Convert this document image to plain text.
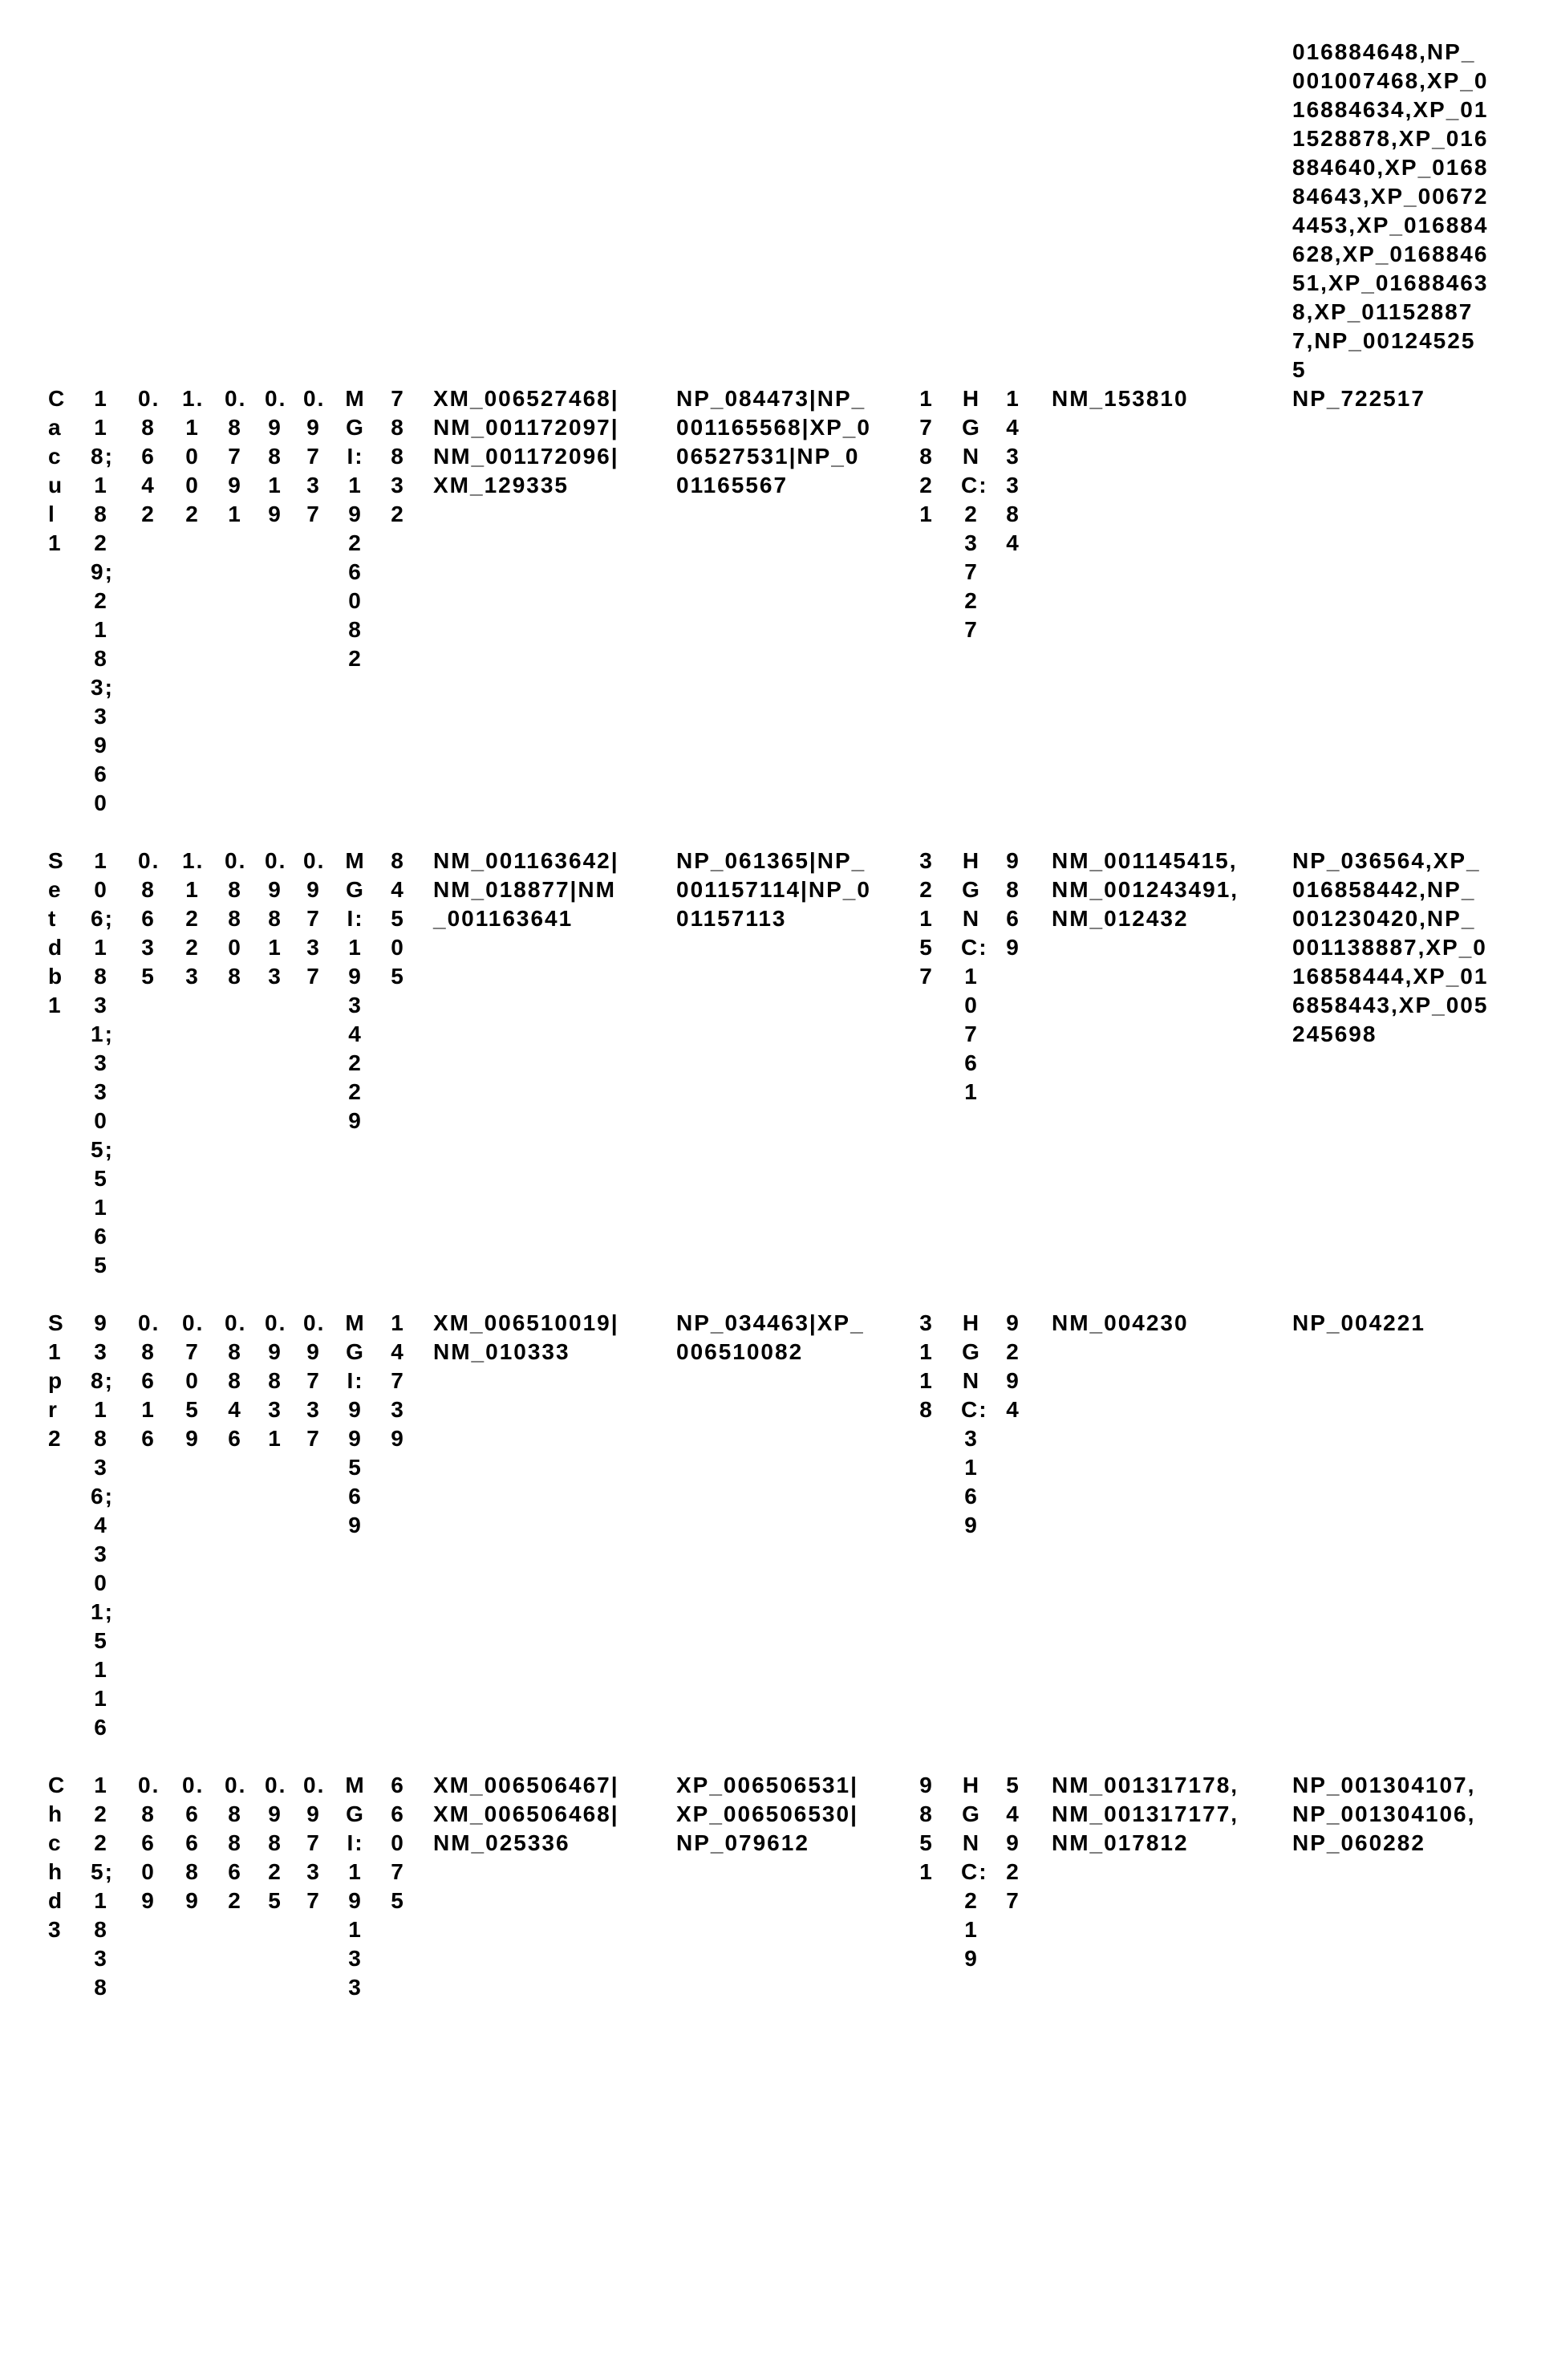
016884648,NP_001007468,XP_016884634,XP_011528878,XP_016884640,XP_016884643,XP_006724453,XP_016884628,XP_016884651,XP_016884638,XP_011528877,NP_001245255
Cacul1
118;1829;2183;3960
0.8642
1.1002
0.8791
0.9819
0.9737
MGI:1926082
78832
XM_006527468|NM_001172097|NM_001172096|XM_129335
NP_084473|NP_001165568|XP_006527531|NP_001165567
17821
HGNC:23727
143384
NM_153810	NP_722517
Setdb1
106;1831;3305;5165
0.8635
1.1223
0.8808
0.9813
0.9737
MGI:1934229
84505
NM_001163642|NM_018877|NM_001163641
NP_061365|NP_001157114|NP_001157113
32157
HGNC:10761
9869
NM_001145415,NM_001243491,NM_012432
NP_036564,XP_016858442,NP_001230420,NP_001138887,XP_016858444,XP_016858443,XP_005245698
S1pr2
938;1836;4301;5116
0.8616
0.7059
0.8846
0.9831
0.9737
MGI:99569
14739
XM_006510019|NM_010333
NP_034463|XP_006510082
3118
HGNC:3169
9294
NM_004230	NP_004221
Chchd3
1225;1838
0.8609
0.6689
0.8862
0.9825
0.9737
MGI:19133
66075
XM_006506467|XM_006506468|NM_025336
XP_006506531|XP_006506530|NP_079612
9851
HGNC:219
54927
NM_001317178,NM_001317177,NM_017812
NP_001304107,NP_001304106,NP_060282
